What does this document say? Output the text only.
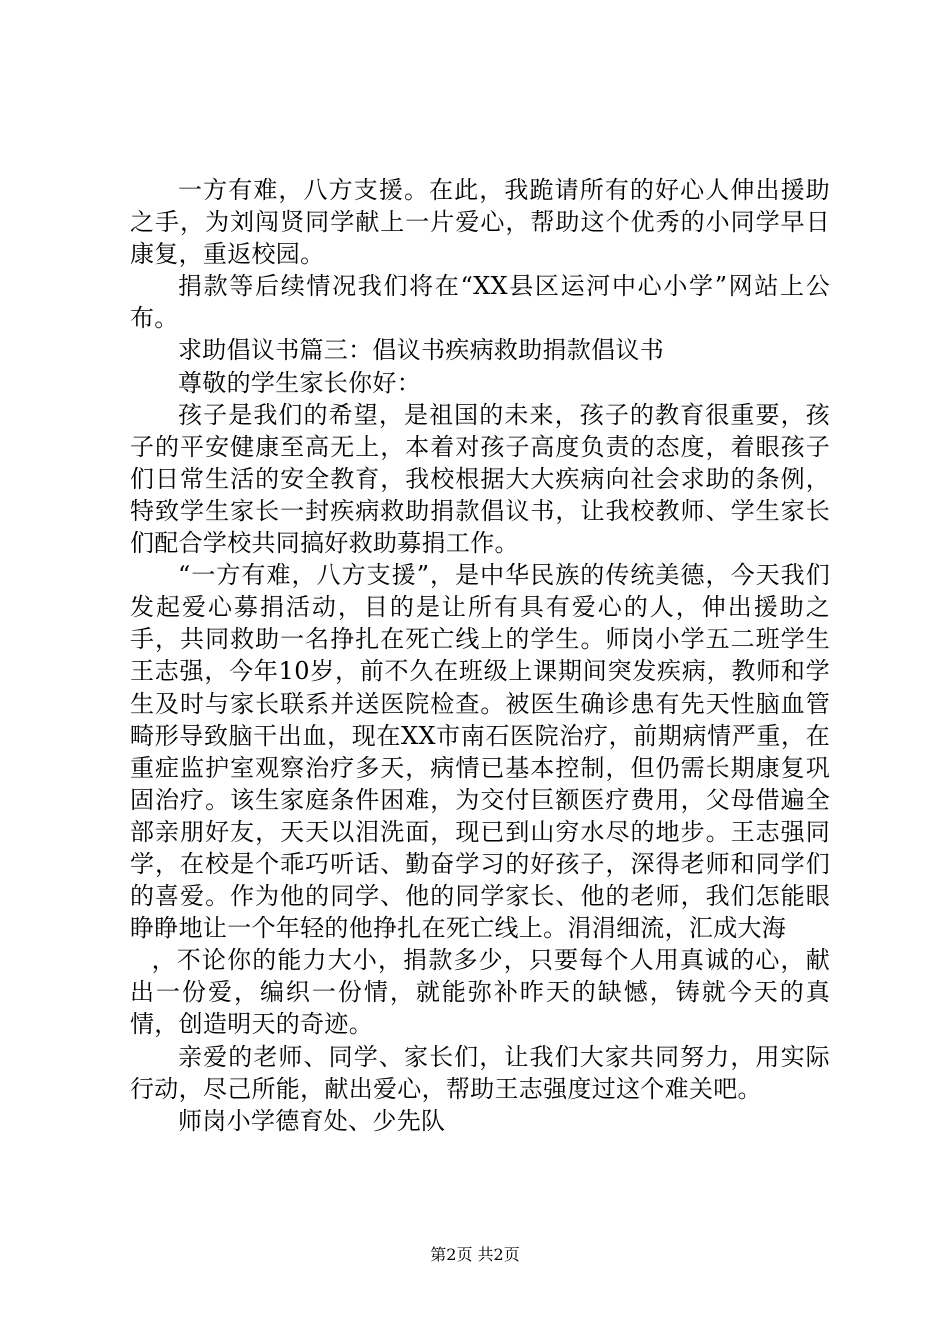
一方有难，八方支援。在此，我跪请所有的好心人伸出援助之手，为刘闯贤同学献上一片爱心，帮助这个优秀的小同学早日康复，重返校园。

捐款等后续情况我们将在“XX县区运河中心小学”网站上公布。

求助倡议书篇三：倡议书疾病救助捐款倡议书

尊敬的学生家长你好：

孩子是我们的希望，是祖国的未来，孩子的教育很重要，孩子的平安健康至高无上，本着对孩子高度负责的态度，着眼孩子们日常生活的安全教育，我校根据大大疾病向社会求助的条例，特致学生家长一封疾病救助捐款倡议书，让我校教师、学生家长们配合学校共同搞好救助募捐工作。

“一方有难，八方支援”，是中华民族的传统美德，今天我们发起爱心募捐活动，目的是让所有具有爱心的人，伸出援助之手，共同救助一名挣扎在死亡线上的学生。师岗小学五二班学生王志强，今年10岁，前不久在班级上课期间突发疾病，教师和学生及时与家长联系并送医院检查。被医生确诊患有先天性脑血管畸形导致脑干出血，现在XX市南石医院治疗，前期病情严重，在重症监护室观察治疗多天，病情已基本控制，但仍需长期康复巩固治疗。该生家庭条件困难，为交付巨额医疗费用，父母借遍全部亲朋好友，天天以泪洗面，现已到山穷水尽的地步。王志强同学，在校是个乖巧听话、勤奋学习的好孩子，深得老师和同学们的喜爱。作为他的同学、他的同学家长、他的老师，我们怎能眼睁睁地让一个年轻的他挣扎在死亡线上。涓涓细流，汇成大海

，不论你的能力大小，捐款多少，只要每个人用真诚的心，献出一份爱，编织一份情，就能弥补昨天的缺憾，铸就今天的真情，创造明天的奇迹。

亲爱的老师、同学、家长们，让我们大家共同努力，用实际行动，尽己所能，献出爱心，帮助王志强度过这个难关吧。

师岗小学德育处、少先队

第2页 共2页
